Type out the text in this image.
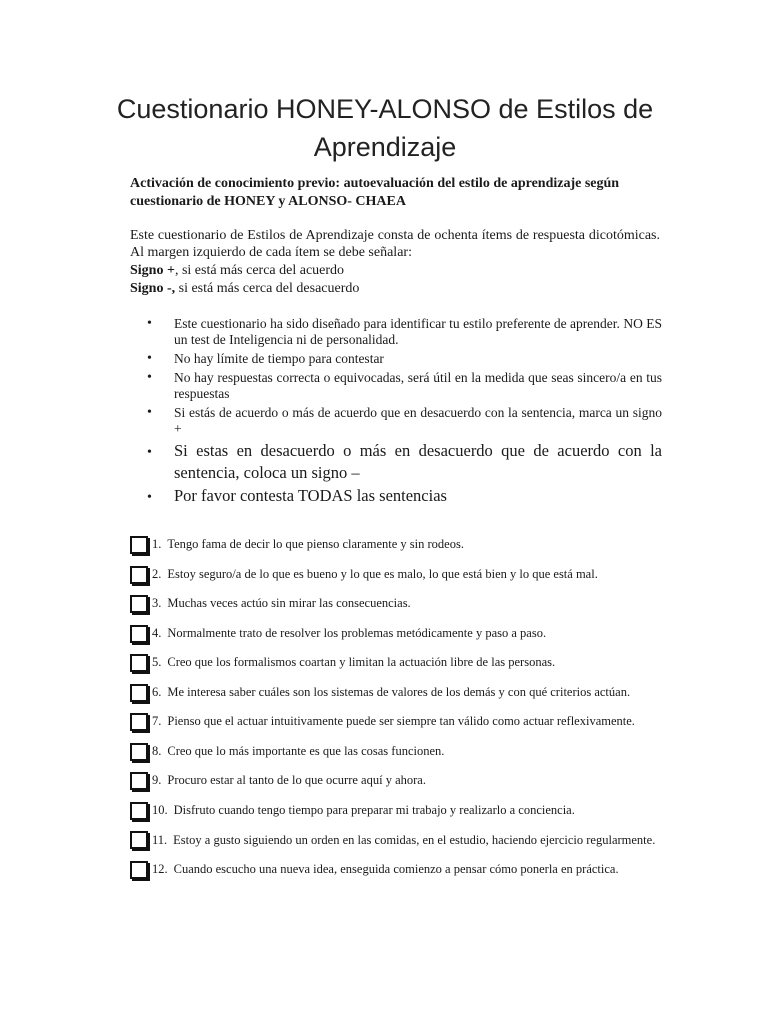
Cuestionario HONEY-ALONSO de Estilos de Aprendizaje

Activación de conocimiento previo: autoevaluación del estilo de aprendizaje según cuestionario de HONEY y ALONSO- CHAEA

Este cuestionario de Estilos de Aprendizaje consta de ochenta ítems de respuesta dicotómicas. Al margen izquierdo de cada ítem se debe señalar:

Signo +, si está más cerca del acuerdo

Signo -, si está más cerca del desacuerdo

• Este cuestionario ha sido diseñado para identificar tu estilo preferente de aprender. NO ES un test de Inteligencia ni de personalidad.
• No hay límite de tiempo para contestar
• No hay respuestas correcta o equivocadas, será útil en la medida que seas sincero/a en tus respuestas
• Si estás de acuerdo o más de acuerdo que en desacuerdo con la sentencia, marca un signo +
• Si estas en desacuerdo o más en desacuerdo que de acuerdo con la sentencia, coloca un signo –
• Por favor contesta TODAS las sentencias
1. Tengo fama de decir lo que pienso claramente y sin rodeos.
2. Estoy seguro/a de lo que es bueno y lo que es malo, lo que está bien y lo que está mal.
3. Muchas veces actúo sin mirar las consecuencias.
4. Normalmente trato de resolver los problemas metódicamente y paso a paso.
5. Creo que los formalismos coartan y limitan la actuación libre de las personas.
6. Me interesa saber cuáles son los sistemas de valores de los demás y con qué criterios actúan.
7. Pienso que el actuar intuitivamente puede ser siempre tan válido como actuar reflexivamente.
8. Creo que lo más importante es que las cosas funcionen.
9. Procuro estar al tanto de lo que ocurre aquí y ahora.
10. Disfruto cuando tengo tiempo para preparar mi trabajo y realizarlo a conciencia.
11. Estoy a gusto siguiendo un orden en las comidas, en el estudio, haciendo ejercicio regularmente.
12. Cuando escucho una nueva idea, enseguida comienzo a pensar cómo ponerla en práctica.
